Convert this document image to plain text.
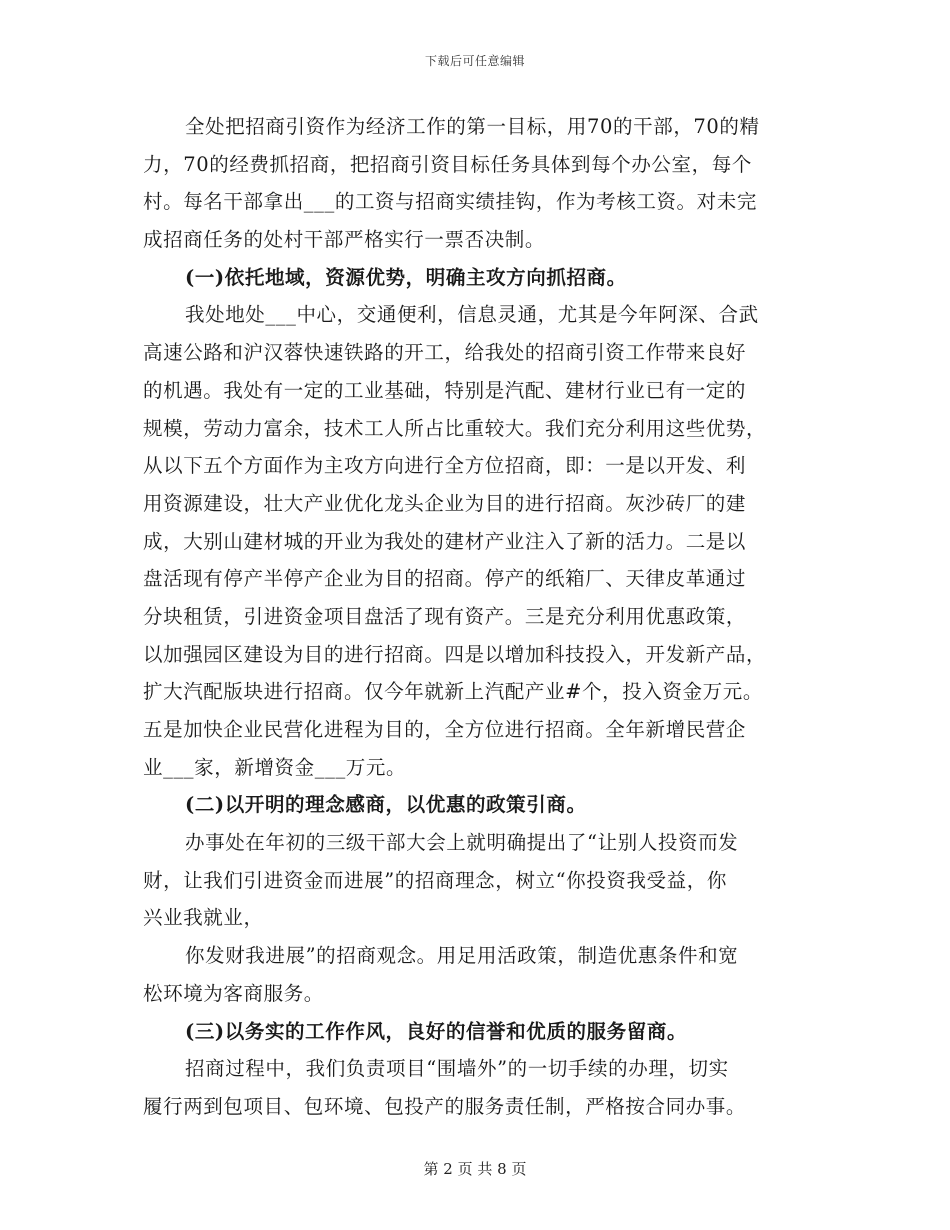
下载后可任意编辑
全处把招商引资作为经济工作的第一目标，用70的干部，70的精
力，70的经费抓招商，把招商引资目标任务具体到每个办公室，每个
村。每名干部拿出___的工资与招商实绩挂钩，作为考核工资。对未完
成招商任务的处村干部严格实行一票否决制。
(一)依托地域，资源优势，明确主攻方向抓招商。
我处地处___中心，交通便利，信息灵通，尤其是今年阿深、合武
高速公路和沪汉蓉快速铁路的开工，给我处的招商引资工作带来良好
的机遇。我处有一定的工业基础，特别是汽配、建材行业已有一定的
规模，劳动力富余，技术工人所占比重较大。我们充分利用这些优势，
从以下五个方面作为主攻方向进行全方位招商，即：一是以开发、利
用资源建设，壮大产业优化龙头企业为目的进行招商。灰沙砖厂的建
成，大别山建材城的开业为我处的建材产业注入了新的活力。二是以
盘活现有停产半停产企业为目的招商。停产的纸箱厂、天律皮革通过
分块租赁，引进资金项目盘活了现有资产。三是充分利用优惠政策，
以加强园区建设为目的进行招商。四是以增加科技投入，开发新产品，
扩大汽配版块进行招商。仅今年就新上汽配产业#个，投入资金万元。
五是加快企业民营化进程为目的，全方位进行招商。全年新增民营企
业___家，新增资金___万元。
(二)以开明的理念感商，以优惠的政策引商。
办事处在年初的三级干部大会上就明确提出了“让别人投资而发
财，让我们引进资金而进展”的招商理念，树立“你投资我受益，你
兴业我就业，
你发财我进展”的招商观念。用足用活政策，制造优惠条件和宽
松环境为客商服务。
(三)以务实的工作作风，良好的信誉和优质的服务留商。
招商过程中，我们负责项目“围墙外”的一切手续的办理，切实
履行两到包项目、包环境、包投产的服务责任制，严格按合同办事。
第 2 页 共 8 页
